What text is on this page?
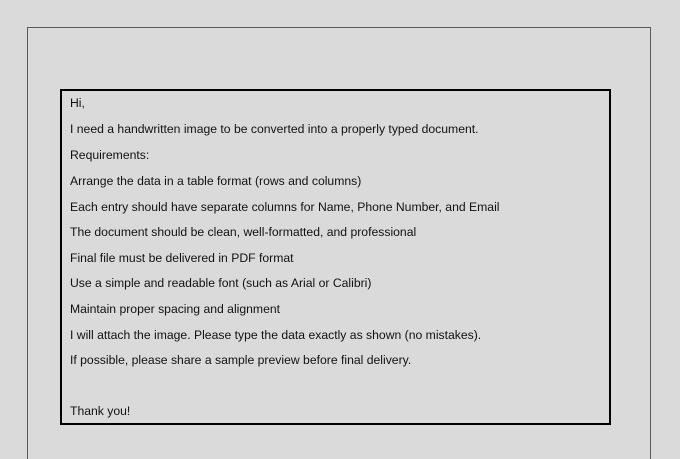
Hi,
I need a handwritten image to be converted into a properly typed document.
Requirements:
Arrange the data in a table format (rows and columns)
Each entry should have separate columns for Name, Phone Number, and Email
The document should be clean, well-formatted, and professional
Final file must be delivered in PDF format
Use a simple and readable font (such as Arial or Calibri)
Maintain proper spacing and alignment
I will attach the image. Please type the data exactly as shown (no mistakes).
If possible, please share a sample preview before final delivery.
Thank you!
